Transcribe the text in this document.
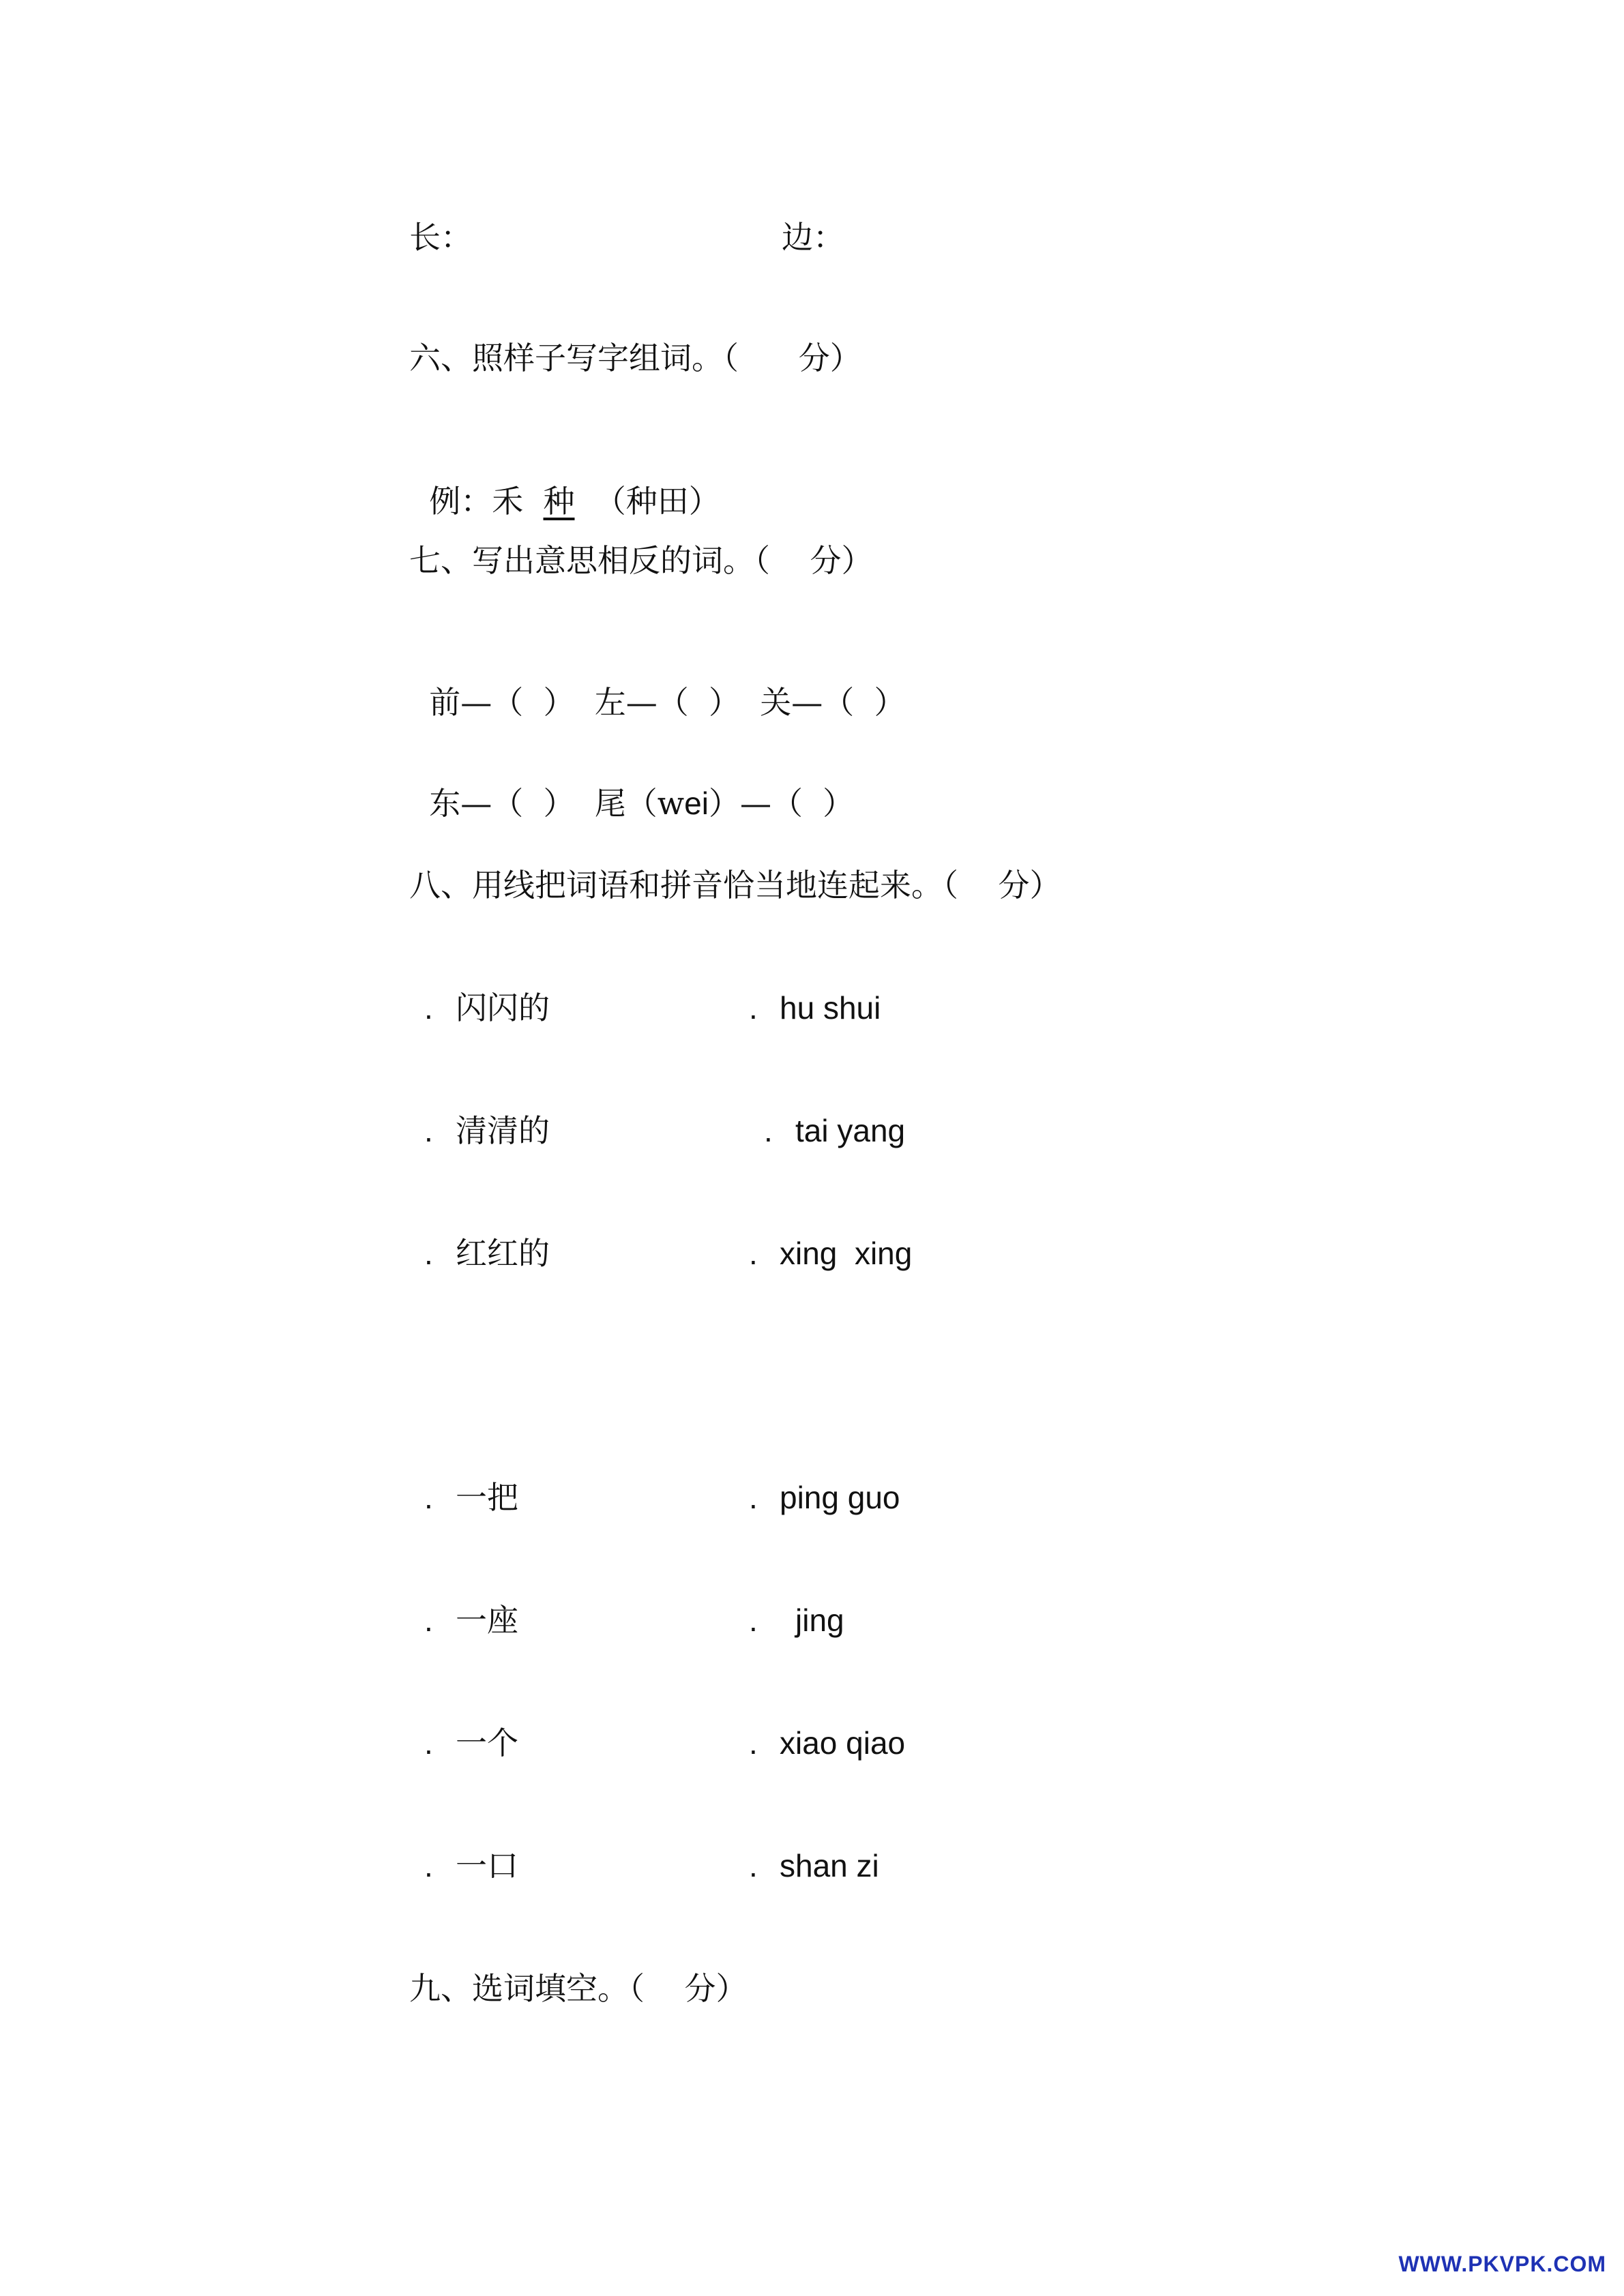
长：	边：
六、照样子写字组词。（      分）

例：禾 种 （种田）

七、写出意思相反的词。（    分）

前—（  ） 左—（  ） 关—（  ）

东—（  ） 尾（wei）—（  ）

八、用线把词语和拼音恰当地连起来。（    分）
. 闪闪的	. hu shui
. 清清的	. tai yang
. 红红的	. xing  xing
. 一把	. ping guo
. 一座	. jing
. 一个	. xiao qiao
. 一口	. shan zi
九、选词填空。（    分）
WWW.PKVPK.COM
